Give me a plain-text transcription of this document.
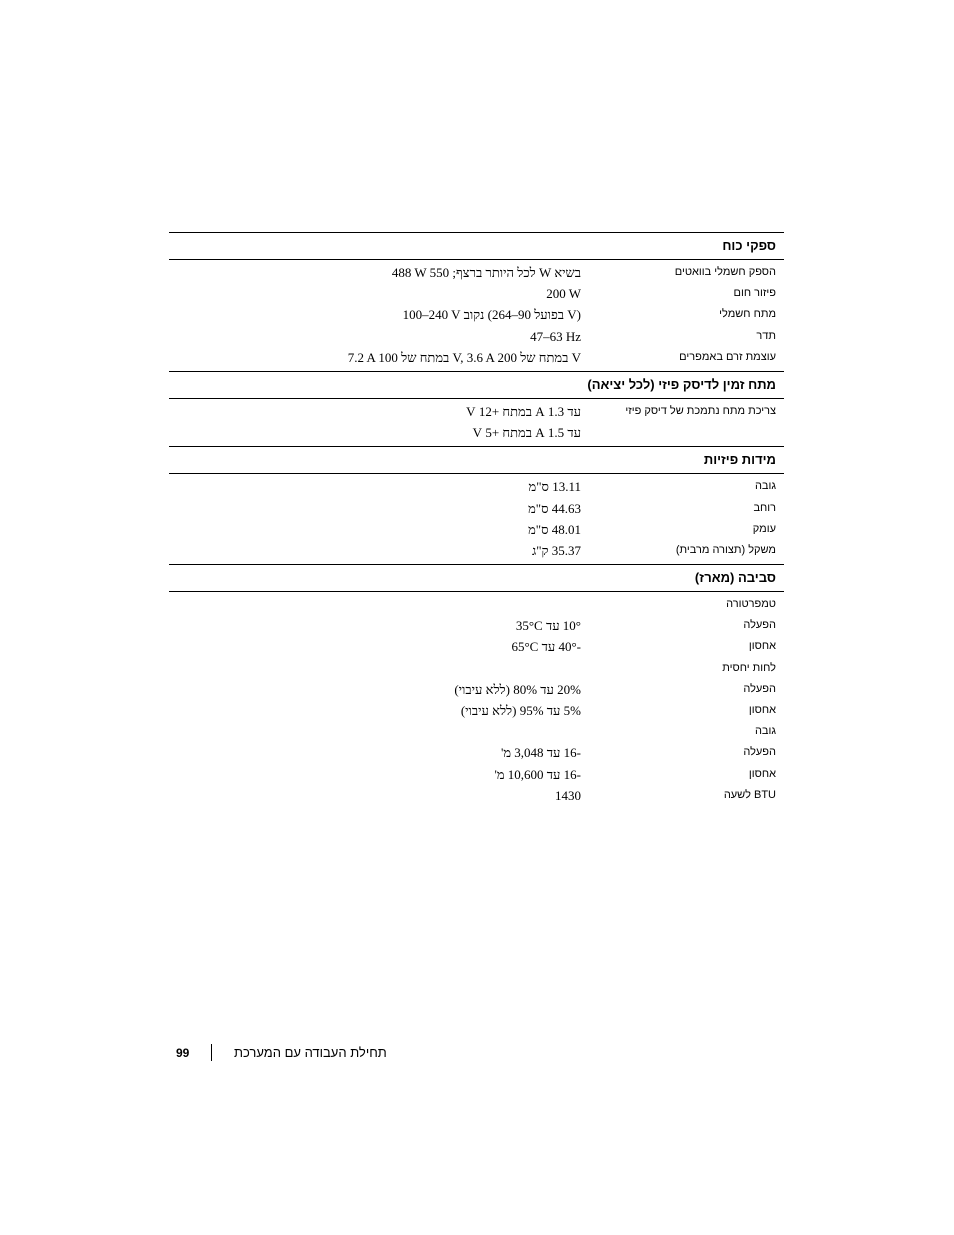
ספקי כוח
הספק חשמלי בוואטים
488 W לכל היותר ברצף; 550 W בשיא
פיזור חום
200 W
מתח חשמלי
100–240 V נקוב (בפועל 90–264 V)
תדר
47–63 Hz
עוצמת זרם באמפרים
7.2 A במתח של 100 V, 3.6 A במתח של 200 V
מתח זמין לדיסק פיזי (לכל יציאה)
צריכת מתח נתמכת של דיסק פיזי
עד 1.3 A במתח +12 V
עד 1.5 A במתח +5 V
מידות פיזיות
גובה
13.11 ס"מ
רוחב
44.63 ס"מ
עומק
48.01 ס"מ
משקל (תצורה מרבית)
35.37 ק"ג
סביבה (מארז)
טמפרטורה
הפעלה
10° עד 35°C
אחסון
-40° עד 65°C
לחות יחסית
הפעלה
20% עד 80% (ללא עיבוי)
אחסון
5% עד 95% (ללא עיבוי)
גובה
הפעלה
-16 עד 3,048 מ'
אחסון
-16 עד 10,600 מ'
BTU לשעה
1430
99	תחילת העבודה עם המערכת
